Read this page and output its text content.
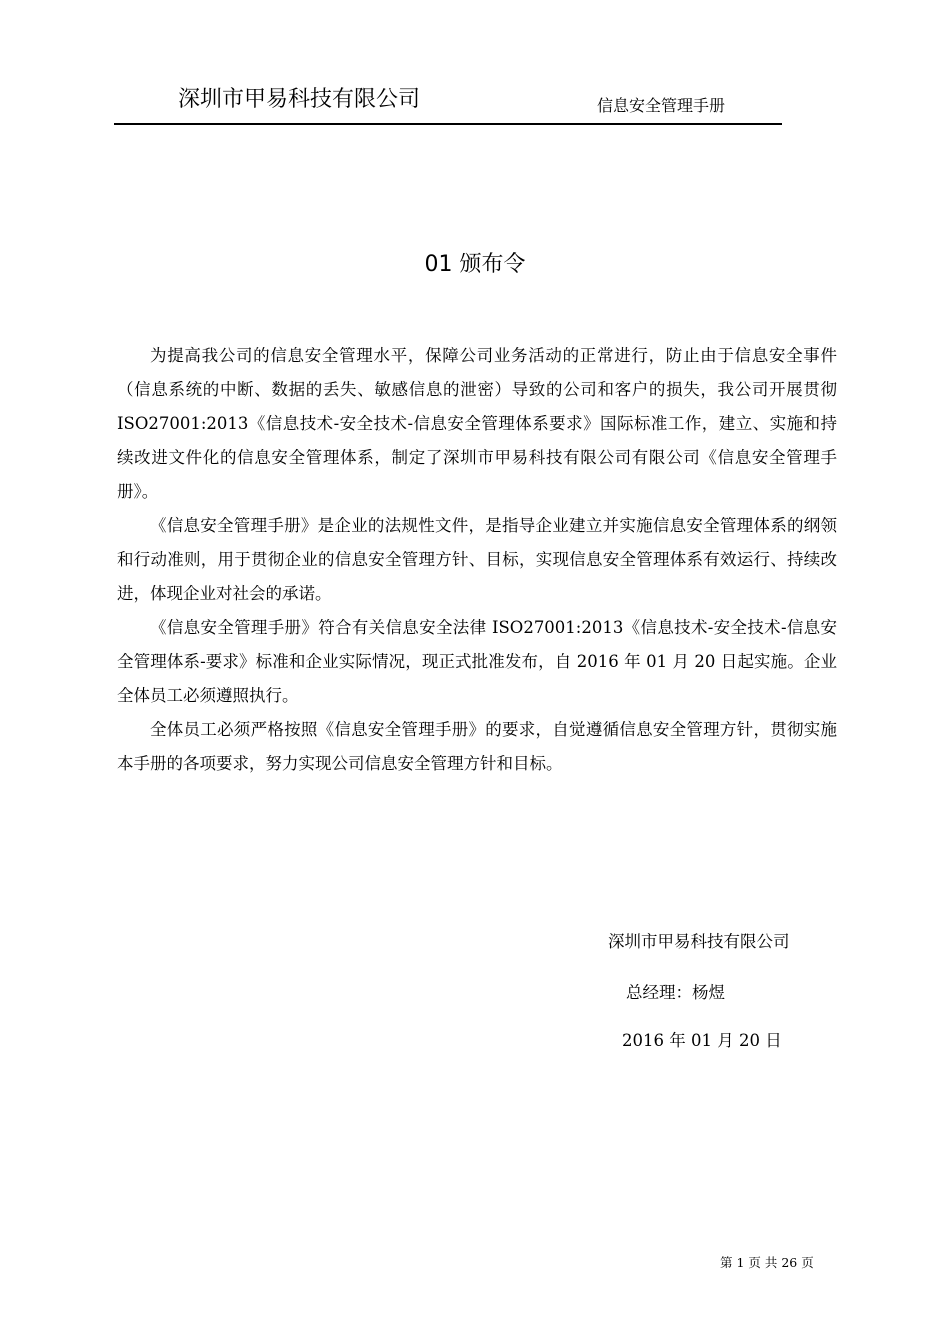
深圳市甲易科技有限公司	信息安全管理手册
01 颁布令

为提高我公司的信息安全管理水平，保障公司业务活动的正常进行，防止由于信息安全事件（信息系统的中断、数据的丢失、敏感信息的泄密）导致的公司和客户的损失，我公司开展贯彻 ISO27001:2013《信息技术-安全技术-信息安全管理体系要求》国际标准工作，建立、实施和持续改进文件化的信息安全管理体系，制定了深圳市甲易科技有限公司有限公司《信息安全管理手册》。

《信息安全管理手册》是企业的法规性文件，是指导企业建立并实施信息安全管理体系的纲领和行动准则，用于贯彻企业的信息安全管理方针、目标，实现信息安全管理体系有效运行、持续改进，体现企业对社会的承诺。

《信息安全管理手册》符合有关信息安全法律 ISO27001:2013《信息技术-安全技术-信息安全管理体系-要求》标准和企业实际情况，现正式批准发布，自 2016 年 01 月 20 日起实施。企业全体员工必须遵照执行。

全体员工必须严格按照《信息安全管理手册》的要求，自觉遵循信息安全管理方针，贯彻实施本手册的各项要求，努力实现公司信息安全管理方针和目标。

深圳市甲易科技有限公司
总经理：杨煜
2016 年 01 月 20 日
第 1 页 共 26 页
